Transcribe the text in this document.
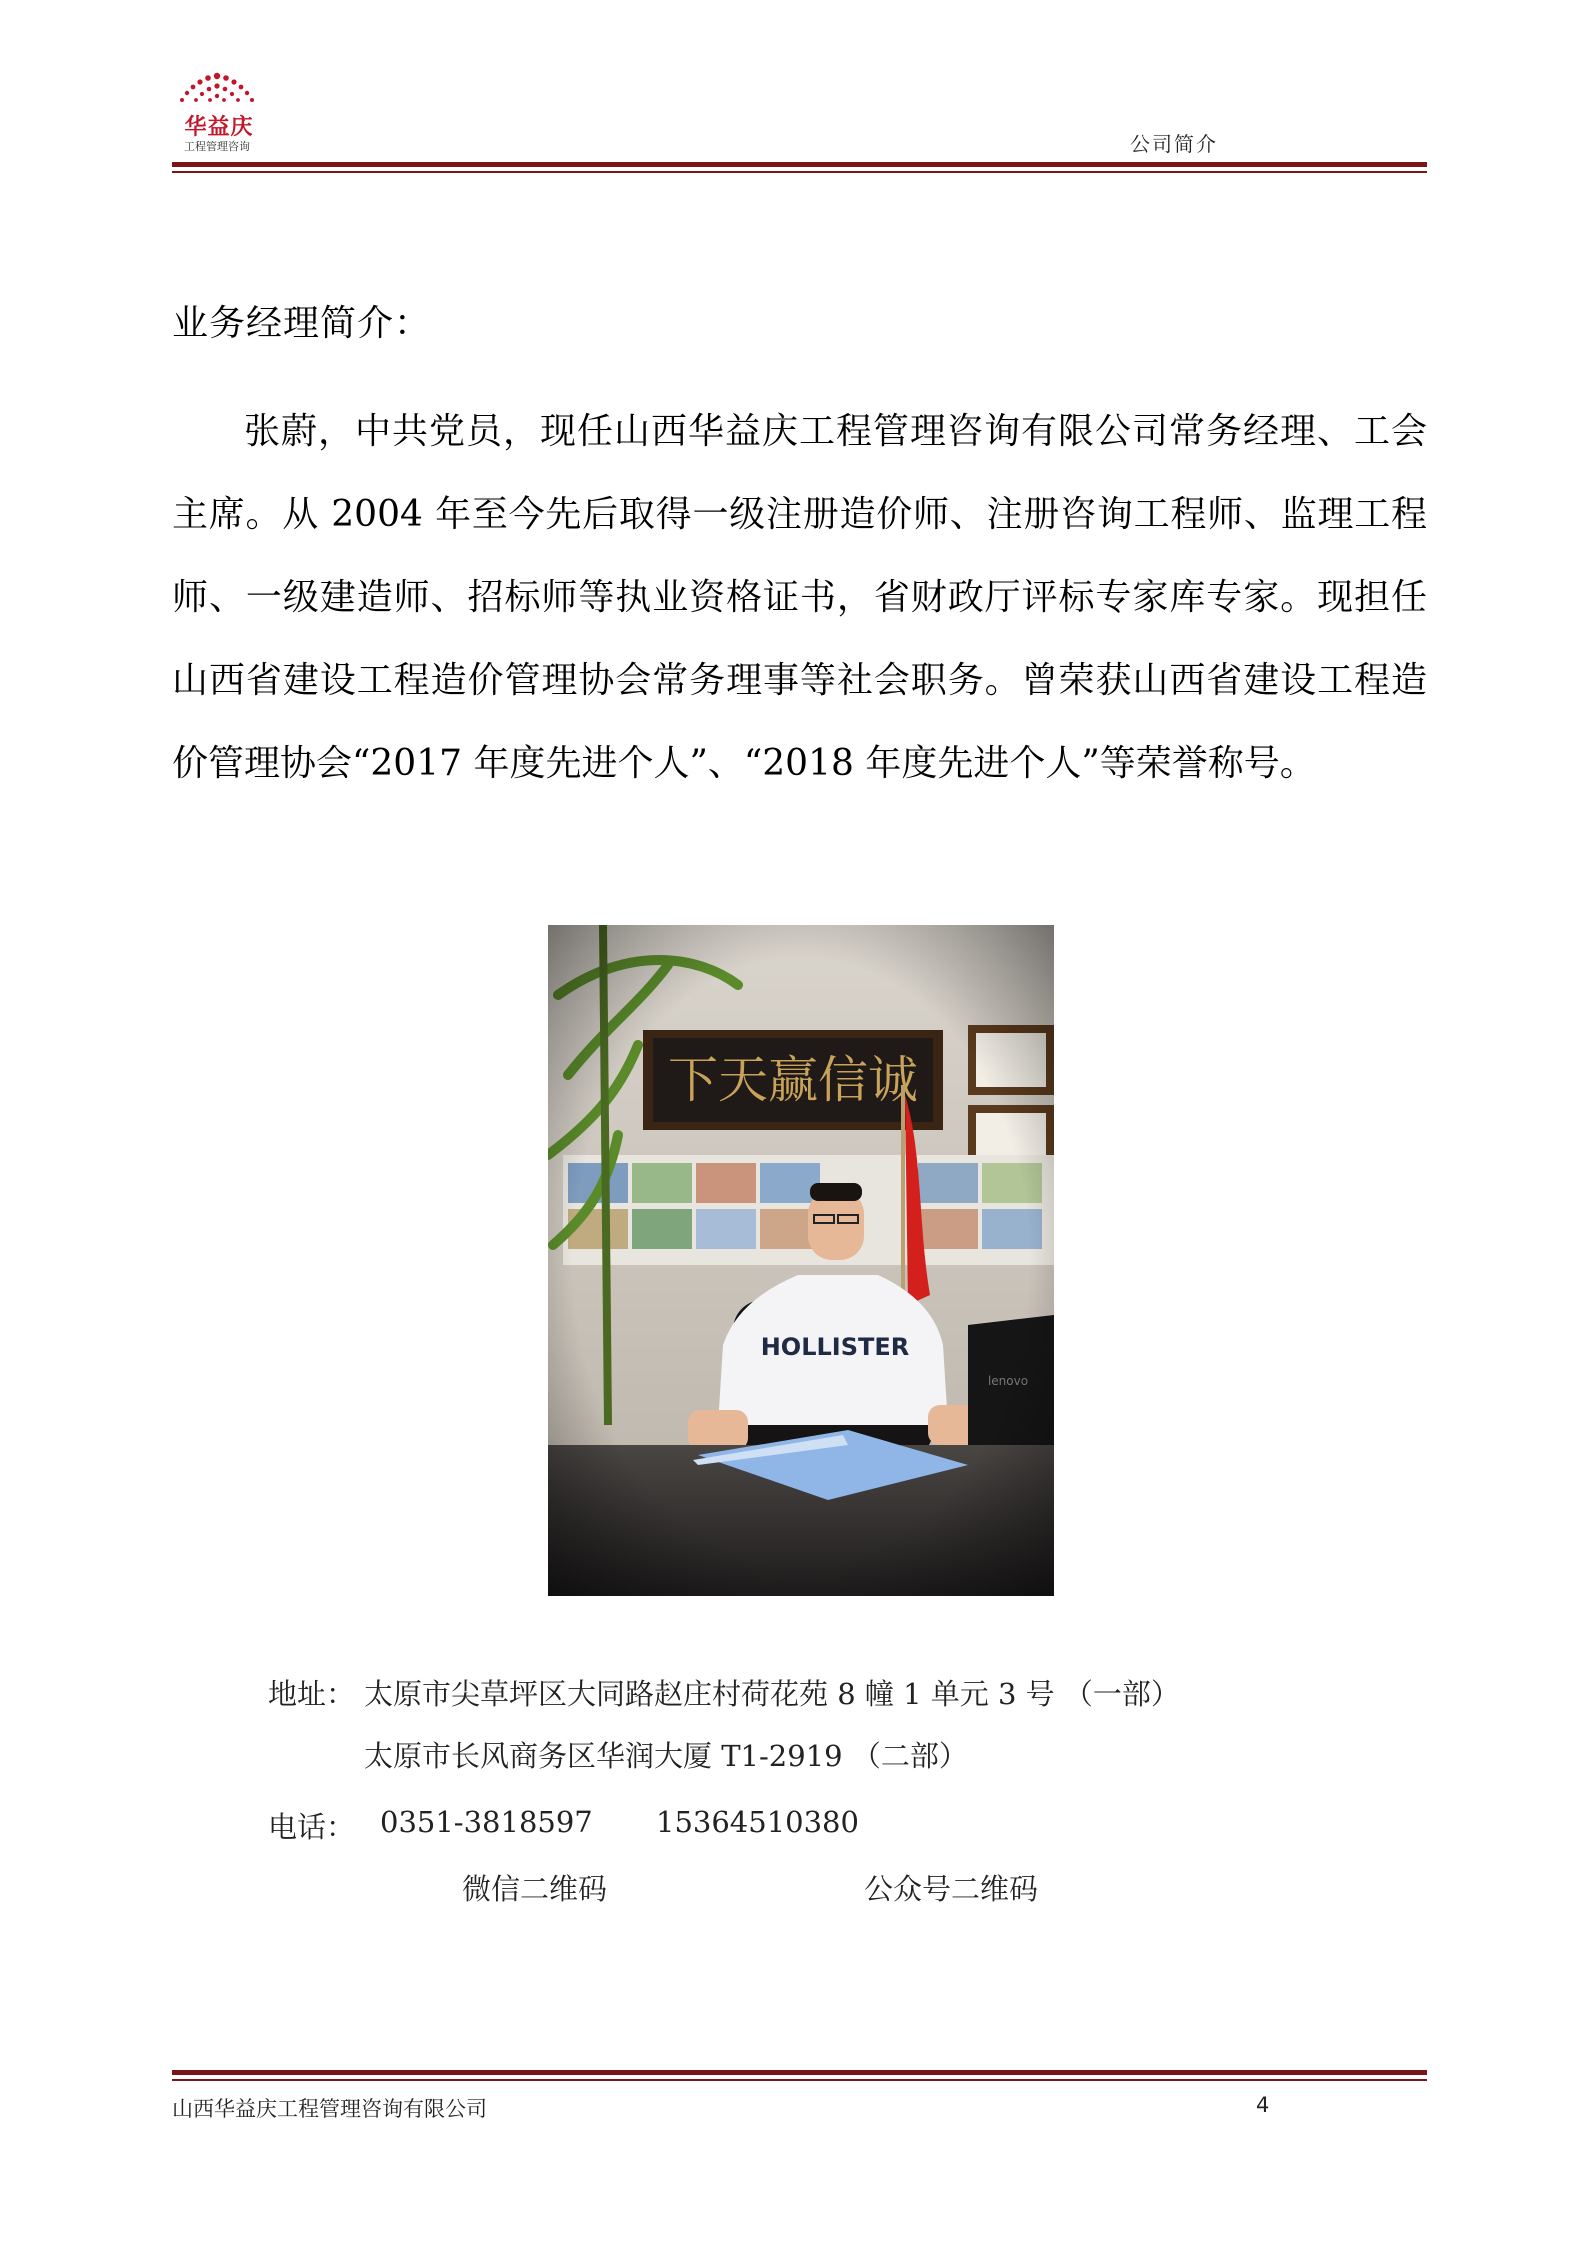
华益庆
工程管理咨询	公司简介
业务经理简介：

张蔚，中共党员，现任山西华益庆工程管理咨询有限公司常务经理、工会主席。从 2004 年至今先后取得一级注册造价师、注册咨询工程师、监理工程师、一级建造师、招标师等执业资格证书，省财政厅评标专家库专家。现担任山西省建设工程造价管理协会常务理事等社会职务。曾荣获山西省建设工程造价管理协会“2017 年度先进个人”、“2018 年度先进个人”等荣誉称号。

地址： 太原市尖草坪区大同路赵庄村荷花苑 8 幢 1 单元 3 号 （一部）
太原市长风商务区华润大厦 T1-2919 （二部）
电话： 0351-3818597 15364510380
微信二维码	公众号二维码
山西华益庆工程管理咨询有限公司	4
